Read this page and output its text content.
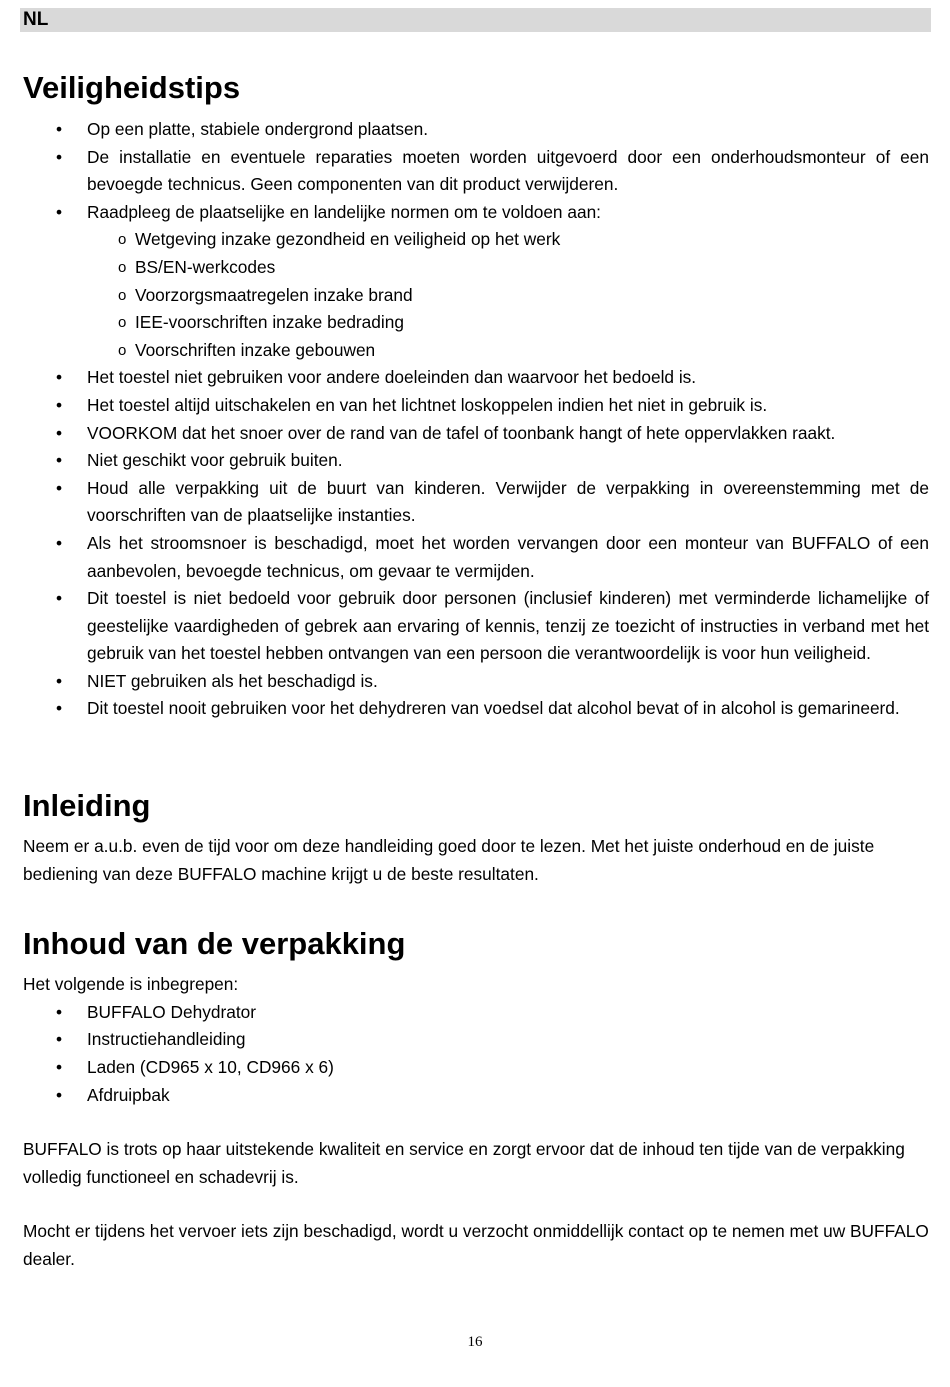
NL
Veiligheidstips
• Op een platte, stabiele ondergrond plaatsen.
• De installatie en eventuele reparaties moeten worden uitgevoerd door een onderhoudsmonteur of een bevoegde technicus. Geen componenten van dit product verwijderen.
• Raadpleeg de plaatselijke en landelijke normen om te voldoen aan:
o Wetgeving inzake gezondheid en veiligheid op het werk
o BS/EN-werkcodes
o Voorzorgsmaatregelen inzake brand
o IEE-voorschriften inzake bedrading
o Voorschriften inzake gebouwen
• Het toestel niet gebruiken voor andere doeleinden dan waarvoor het bedoeld is.
• Het toestel altijd uitschakelen en van het lichtnet loskoppelen indien het niet in gebruik is.
• VOORKOM dat het snoer over de rand van de tafel of toonbank hangt of hete oppervlakken raakt.
• Niet geschikt voor gebruik buiten.
• Houd alle verpakking uit de buurt van kinderen. Verwijder de verpakking in overeenstemming met de voorschriften van de plaatselijke instanties.
• Als het stroomsnoer is beschadigd, moet het worden vervangen door een monteur van BUFFALO of een aanbevolen, bevoegde technicus, om gevaar te vermijden.
• Dit toestel is niet bedoeld voor gebruik door personen (inclusief kinderen) met verminderde lichamelijke of geestelijke vaardigheden of gebrek aan ervaring of kennis, tenzij ze toezicht of instructies in verband met het gebruik van het toestel hebben ontvangen van een persoon die verantwoordelijk is voor hun veiligheid.
• NIET gebruiken als het beschadigd is.
• Dit toestel nooit gebruiken voor het dehydreren van voedsel dat alcohol bevat of in alcohol is gemarineerd.
Inleiding

Neem er a.u.b. even de tijd voor om deze handleiding goed door te lezen. Met het juiste onderhoud en de juiste bediening van deze BUFFALO machine krijgt u de beste resultaten.

Inhoud van de verpakking

Het volgende is inbegrepen:

• BUFFALO Dehydrator
• Instructiehandleiding
• Laden (CD965 x 10, CD966 x 6)
• Afdruipbak

BUFFALO is trots op haar uitstekende kwaliteit en service en zorgt ervoor dat de inhoud ten tijde van de verpakking volledig functioneel en schadevrij is.

Mocht er tijdens het vervoer iets zijn beschadigd, wordt u verzocht onmiddellijk contact op te nemen met uw BUFFALO dealer.

16
